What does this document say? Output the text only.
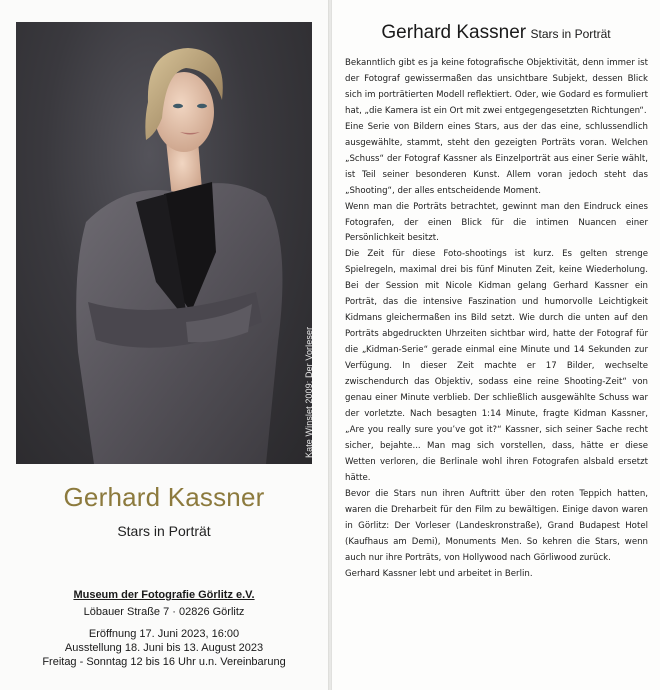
Kate Winslet 2009: Der Vorleser
Gerhard Kassner
Stars in Porträt
Museum der Fotografie Görlitz e.V.
Löbauer Straße 7 · 02826 Görlitz
Eröffnung 17. Juni 2023, 16:00
Ausstellung 18. Juni bis 13. August 2023
Freitag - Sonntag 12 bis 16 Uhr u.n. Vereinbarung
Gerhard Kassner Stars in Porträt

Bekanntlich gibt es ja keine fotografische Objektivität, denn immer ist der Fotograf gewissermaßen das unsichtbare Subjekt, dessen Blick sich im porträtierten Modell reflektiert. Oder, wie Godard es formuliert hat, „die Kamera ist ein Ort mit zwei entgegengesetzten Richtungen“.

Eine Serie von Bildern eines Stars, aus der das eine, schlussendlich ausgewählte, stammt, steht den gezeigten Porträts voran. Welchen „Schuss“ der Fotograf Kassner als Einzelporträt aus einer Serie wählt, ist Teil seiner besonderen Kunst. Allem voran jedoch steht das „Shooting“, der alles entscheidende Moment.

Wenn man die Porträts betrachtet, gewinnt man den Eindruck eines Fotografen, der einen Blick für die intimen Nuancen einer Persönlichkeit besitzt.

Die Zeit für diese Foto-shootings ist kurz. Es gelten strenge Spielregeln, maximal drei bis fünf Minuten Zeit, keine Wiederholung. Bei der Session mit Nicole Kidman gelang Gerhard Kassner ein Porträt, das die intensive Faszination und humorvolle Leichtigkeit Kidmans gleichermaßen ins Bild setzt. Wie durch die unten auf den Porträts abgedruckten Uhrzeiten sichtbar wird, hatte der Fotograf für die „Kidman-Serie“ gerade einmal eine Minute und 14 Sekunden zur Verfügung. In dieser Zeit machte er 17 Bilder, wechselte zwischendurch das Objektiv, sodass eine reine Shooting-Zeit“ von genau einer Minute verblieb. Der schließlich ausgewählte Schuss war der vorletzte. Nach besagten 1:14 Minute, fragte Kidman Kassner, „Are you really sure you’ve got it?“ Kassner, sich seiner Sache recht sicher, bejahte... Man mag sich vorstellen, dass, hätte er diese Wetten verloren, die Berlinale wohl ihren Fotografen alsbald ersetzt hätte.

Bevor die Stars nun ihren Auftritt über den roten Teppich hatten, waren die Dreharbeit für den Film zu bewältigen. Einige davon waren in Görlitz: Der Vorleser (Landeskronstraße), Grand Budapest Hotel (Kaufhaus am Demi), Monuments Men. So kehren die Stars, wenn auch nur ihre Porträts, von Hollywood nach Görliwood zurück.

Gerhard Kassner lebt und arbeitet in Berlin.
